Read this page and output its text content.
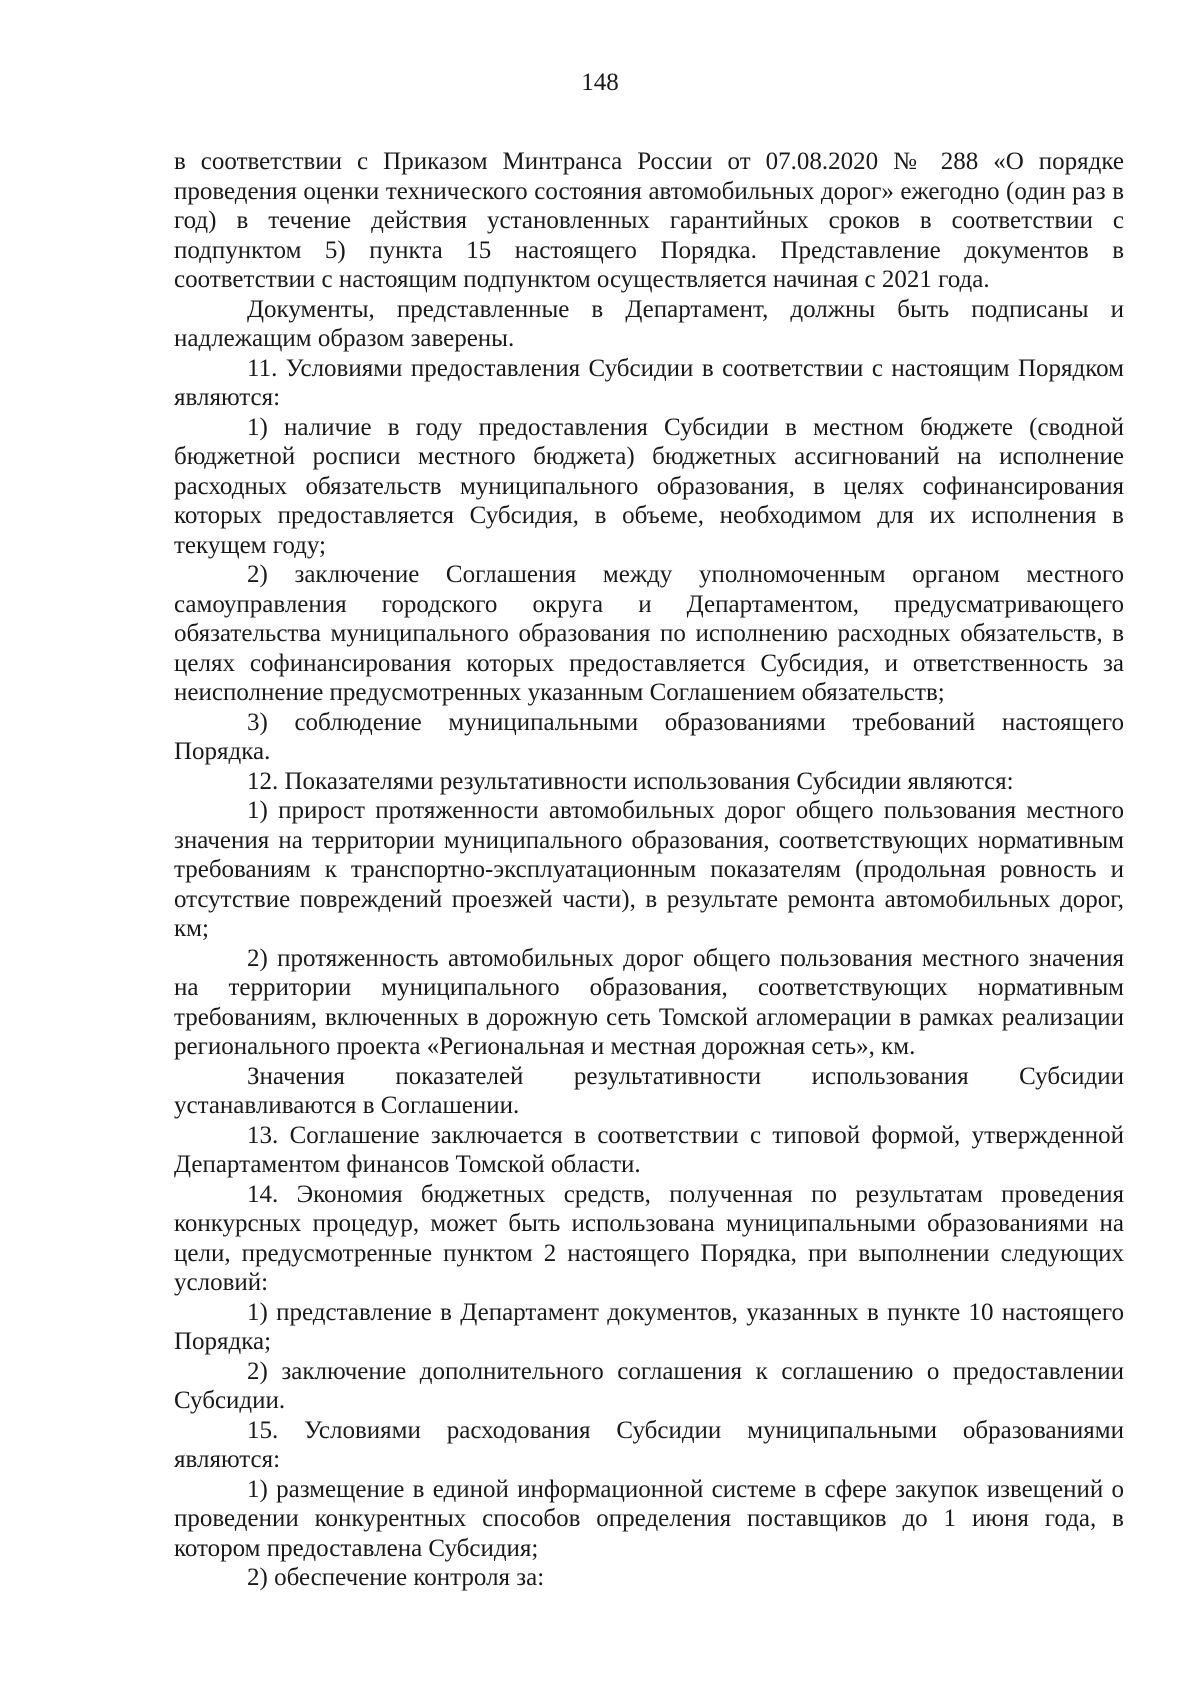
148

в соответствии с Приказом Минтранса России от 07.08.2020 № 288 «О порядке проведения оценки технического состояния автомобильных дорог» ежегодно (один раз в год) в течение действия установленных гарантийных сроков в соответствии с подпунктом 5) пункта 15 настоящего Порядка. Представление документов в соответствии с настоящим подпунктом осуществляется начиная с 2021 года.

Документы, представленные в Департамент, должны быть подписаны и надлежащим образом заверены.

11. Условиями предоставления Субсидии в соответствии с настоящим Порядком являются:

1) наличие в году предоставления Субсидии в местном бюджете (сводной бюджетной росписи местного бюджета) бюджетных ассигнований на исполнение расходных обязательств муниципального образования, в целях софинансирования которых предоставляется Субсидия, в объеме, необходимом для их исполнения в текущем году;

2) заключение Соглашения между уполномоченным органом местного самоуправления городского округа и Департаментом, предусматривающего обязательства муниципального образования по исполнению расходных обязательств, в целях софинансирования которых предоставляется Субсидия, и ответственность за неисполнение предусмотренных указанным Соглашением обязательств;

3) соблюдение муниципальными образованиями требований настоящего Порядка.

12. Показателями результативности использования Субсидии являются:

1) прирост протяженности автомобильных дорог общего пользования местного значения на территории муниципального образования, соответствующих нормативным требованиям к транспортно-эксплуатационным показателям (продольная ровность и отсутствие повреждений проезжей части), в результате ремонта автомобильных дорог, км;

2) протяженность автомобильных дорог общего пользования местного значения на территории муниципального образования, соответствующих нормативным требованиям, включенных в дорожную сеть Томской агломерации в рамках реализации регионального проекта «Региональная и местная дорожная сеть», км.

Значения показателей результативности использования Субсидии устанавливаются в Соглашении.

13. Соглашение заключается в соответствии с типовой формой, утвержденной Департаментом финансов Томской области.

14. Экономия бюджетных средств, полученная по результатам проведения конкурсных процедур, может быть использована муниципальными образованиями на цели, предусмотренные пунктом 2 настоящего Порядка, при выполнении следующих условий:

1) представление в Департамент документов, указанных в пункте 10 настоящего Порядка;

2) заключение дополнительного соглашения к соглашению о предоставлении Субсидии.

15. Условиями расходования Субсидии муниципальными образованиями являются:

1) размещение в единой информационной системе в сфере закупок извещений о проведении конкурентных способов определения поставщиков до 1 июня года, в котором предоставлена Субсидия;

2) обеспечение контроля за:
